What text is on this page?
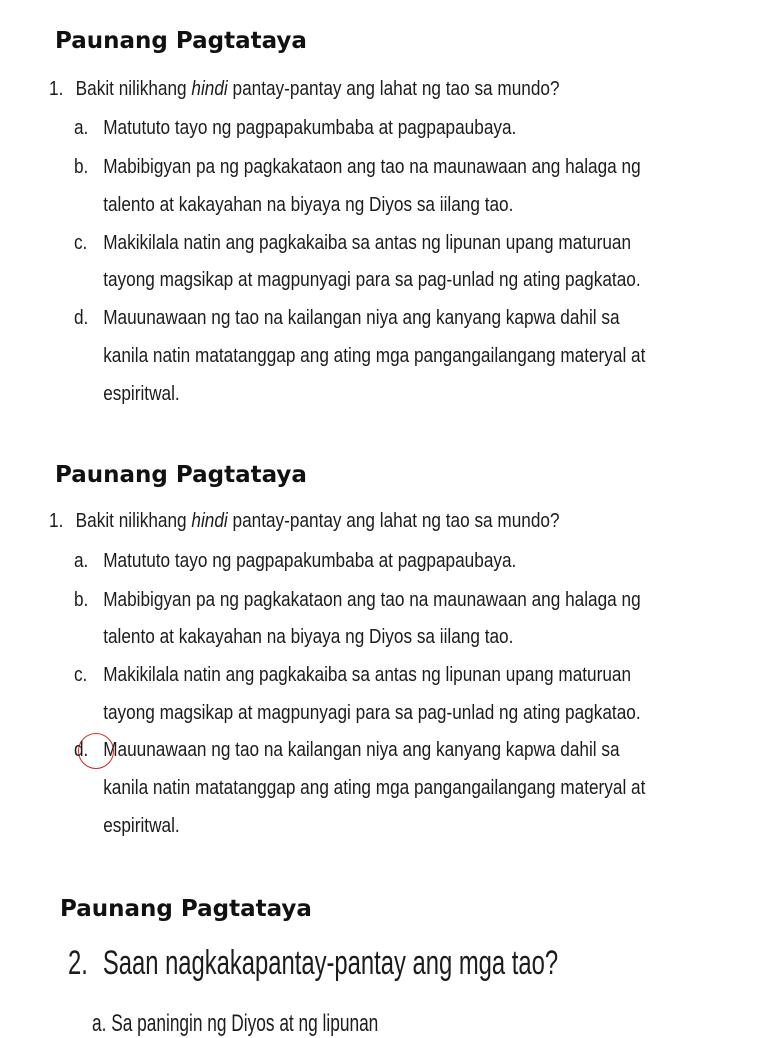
Paunang Pagtataya
1. Bakit nilikhang hindi pantay-pantay ang lahat ng tao sa mundo?
a. Matututo tayo ng pagpapakumbaba at pagpapaubaya.
b. Mabibigyan pa ng pagkakataon ang tao na maunawaan ang halaga ng
talento at kakayahan na biyaya ng Diyos sa iilang tao.
c. Makikilala natin ang pagkakaiba sa antas ng lipunan upang maturuan
tayong magsikap at magpunyagi para sa pag-unlad ng ating pagkatao.
d. Mauunawaan ng tao na kailangan niya ang kanyang kapwa dahil sa
kanila natin matatanggap ang ating mga pangangailangang materyal at
espiritwal.
Paunang Pagtataya
1. Bakit nilikhang hindi pantay-pantay ang lahat ng tao sa mundo?
a. Matututo tayo ng pagpapakumbaba at pagpapaubaya.
b. Mabibigyan pa ng pagkakataon ang tao na maunawaan ang halaga ng
talento at kakayahan na biyaya ng Diyos sa iilang tao.
c. Makikilala natin ang pagkakaiba sa antas ng lipunan upang maturuan
tayong magsikap at magpunyagi para sa pag-unlad ng ating pagkatao.
d. Mauunawaan ng tao na kailangan niya ang kanyang kapwa dahil sa
kanila natin matatanggap ang ating mga pangangailangang materyal at
espiritwal.
Paunang Pagtataya
2. Saan nagkakapantay-pantay ang mga tao?
a. Sa paningin ng Diyos at ng lipunan
